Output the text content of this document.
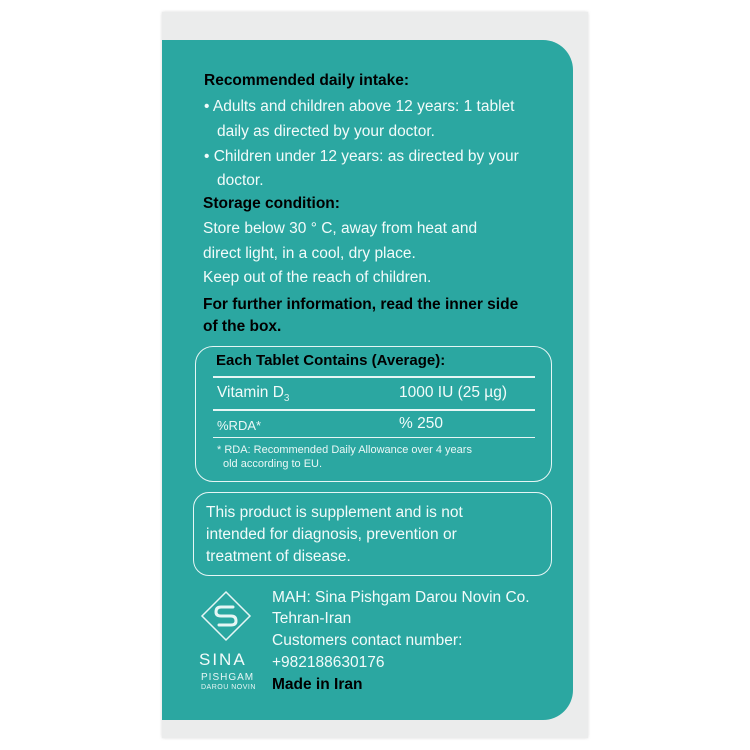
Recommended daily intake:
• Adults and children above 12 years: 1 tablet
daily as directed by your doctor.
• Children under 12 years: as directed by your
doctor.
Storage condition:
Store below 30 ° C, away from heat and
direct light, in a cool, dry place.
Keep out of the reach of children.
For further information, read the inner side
of the box.
Each Tablet Contains (Average):
Vitamin $D_3$	1000 IU (25 µg)
%RDA*	% 250
* RDA: Recommended Daily Allowance over 4 years
old according to EU.
This product is supplement and is not
intended for diagnosis, prevention or
treatment of disease.
SINA
PISHGAM
DAROU NOVIN
MAH: Sina Pishgam Darou Novin Co.
Tehran-Iran
Customers contact number:
+982188630176
Made in Iran
